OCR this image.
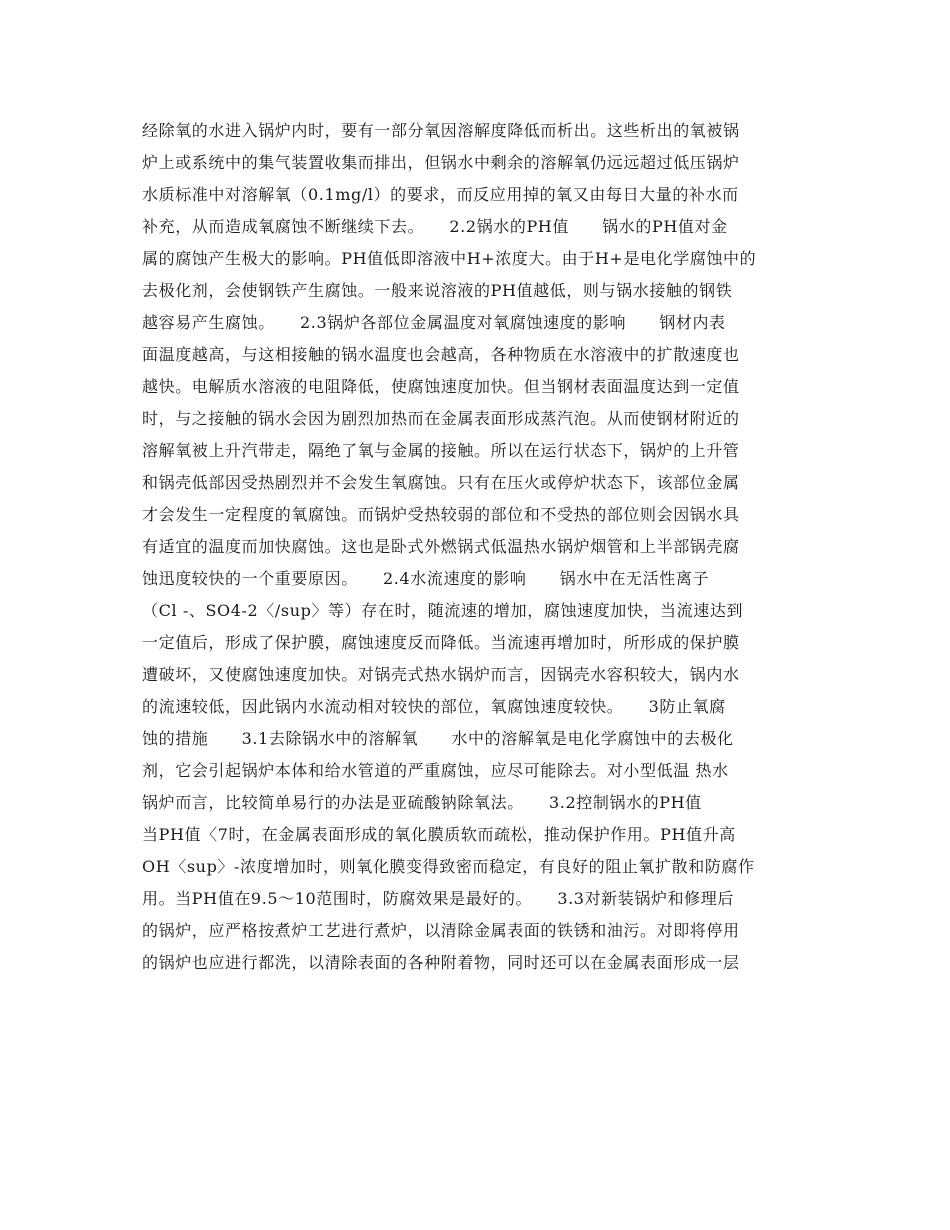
经除氧的水进入锅炉内时，要有一部分氧因溶解度降低而析出。这些析出的氧被锅
炉上或系统中的集气装置收集而排出，但锅水中剩余的溶解氧仍远远超过低压锅炉
水质标准中对溶解氧（0.1mg/l）的要求，而反应用掉的氧又由每日大量的补水而
补充，从而造成氧腐蚀不断继续下去。　　2.2锅水的PH值　　锅水的PH值对金
属的腐蚀产生极大的影响。PH值低即溶液中H+浓度大。由于H+是电化学腐蚀中的
去极化剂，会使钢铁产生腐蚀。一般来说溶液的PH值越低，则与锅水接触的钢铁
越容易产生腐蚀。　　2.3锅炉各部位金属温度对氧腐蚀速度的影响　　钢材内表
面温度越高，与这相接触的锅水温度也会越高，各种物质在水溶液中的扩散速度也
越快。电解质水溶液的电阻降低，使腐蚀速度加快。但当钢材表面温度达到一定值
时，与之接触的锅水会因为剧烈加热而在金属表面形成蒸汽泡。从而使钢材附近的
溶解氧被上升汽带走，隔绝了氧与金属的接触。所以在运行状态下，锅炉的上升管
和锅壳低部因受热剧烈并不会发生氧腐蚀。只有在压火或停炉状态下，该部位金属
才会发生一定程度的氧腐蚀。而锅炉受热较弱的部位和不受热的部位则会因锅水具
有适宜的温度而加快腐蚀。这也是卧式外燃锅式低温热水锅炉烟管和上半部锅壳腐
蚀迅度较快的一个重要原因。　　2.4水流速度的影响　　锅水中在无活性离子
（Cl -、SO4-2〈/sup〉等）存在时，随流速的增加，腐蚀速度加快，当流速达到
一定值后，形成了保护膜，腐蚀速度反而降低。当流速再增加时，所形成的保护膜
遭破坏，又使腐蚀速度加快。对锅壳式热水锅炉而言，因锅壳水容积较大，锅内水
的流速较低，因此锅内水流动相对较快的部位，氧腐蚀速度较快。　　3防止氧腐
蚀的措施　　3.1去除锅水中的溶解氧　　水中的溶解氧是电化学腐蚀中的去极化
剂，它会引起锅炉本体和给水管道的严重腐蚀，应尽可能除去。对小型低温 热水
锅炉而言，比较简单易行的办法是亚硫酸钠除氧法。　　3.2控制锅水的PH值
当PH值〈7时，在金属表面形成的氧化膜质软而疏松，推动保护作用。PH值升高
OH〈sup〉-浓度增加时，则氧化膜变得致密而稳定，有良好的阻止氧扩散和防腐作
用。当PH值在9.5～10范围时，防腐效果是最好的。　　3.3对新装锅炉和修理后
的锅炉，应严格按煮炉工艺进行煮炉，以清除金属表面的铁锈和油污。对即将停用
的锅炉也应进行都洗，以清除表面的各种附着物，同时还可以在金属表面形成一层
